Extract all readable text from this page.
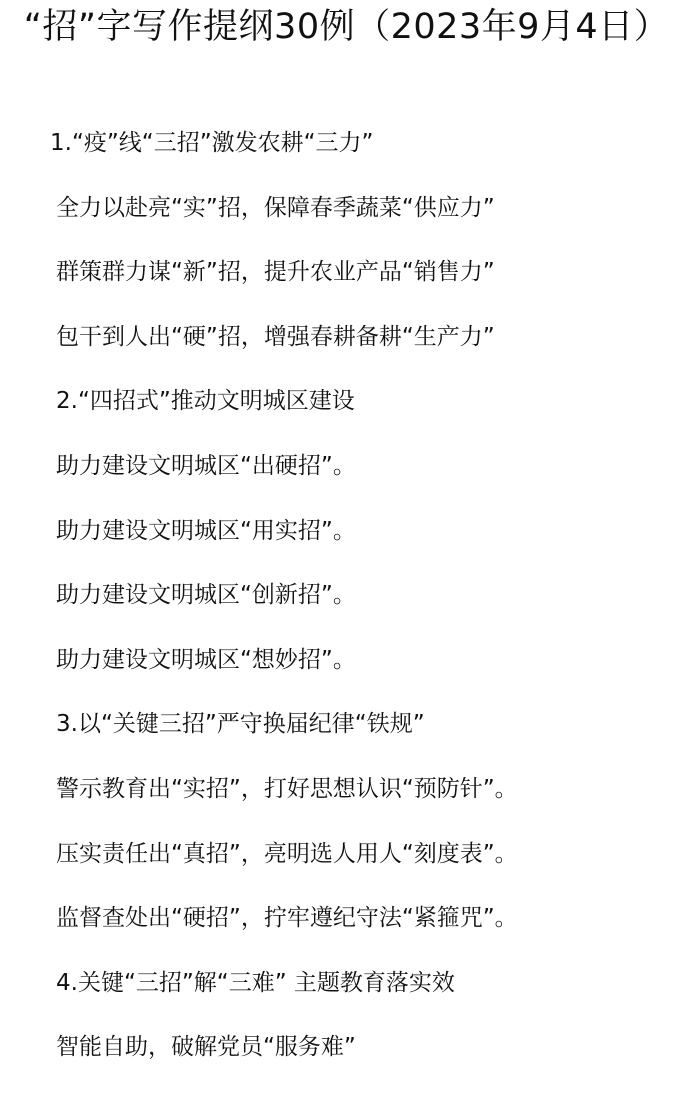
“招”字写作提纲30例（2023年9月4日）

1.“疫”线“三招”激发农耕“三力”

全力以赴亮“实”招，保障春季蔬菜“供应力”

群策群力谋“新”招，提升农业产品“销售力”

包干到人出“硬”招，增强春耕备耕“生产力”

2.“四招式”推动文明城区建设

助力建设文明城区“出硬招”。

助力建设文明城区“用实招”。

助力建设文明城区“创新招”。

助力建设文明城区“想妙招”。

3.以“关键三招”严守换届纪律“铁规”

警示教育出“实招”，打好思想认识“预防针”。

压实责任出“真招”，亮明选人用人“刻度表”。

监督查处出“硬招”，拧牢遵纪守法“紧箍咒”。

4.关键“三招”解“三难” 主题教育落实效

智能自助，破解党员“服务难”
